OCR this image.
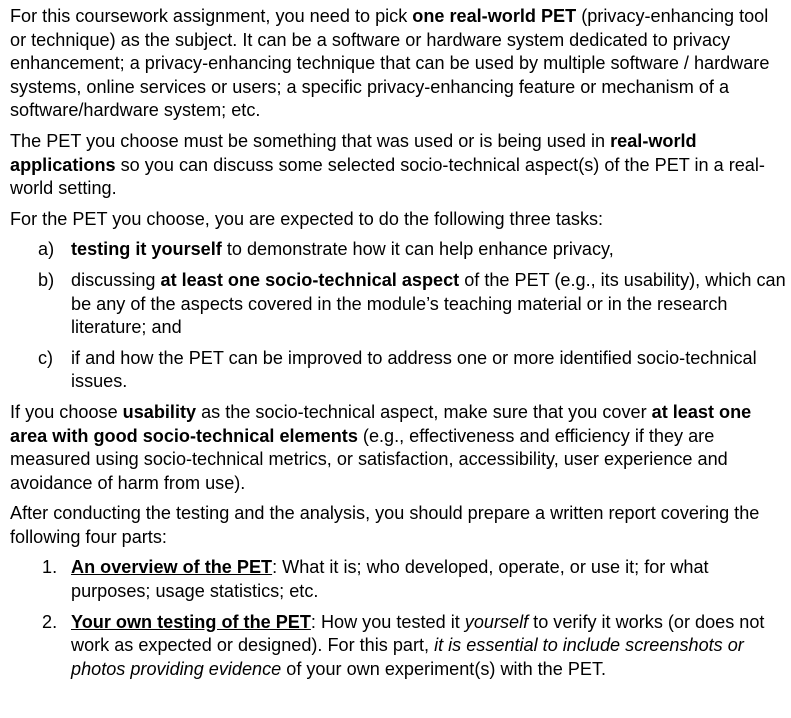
For this coursework assignment, you need to pick one real-world PET (privacy-enhancing tool or technique) as the subject. It can be a software or hardware system dedicated to privacy enhancement; a privacy-enhancing technique that can be used by multiple software / hardware systems, online services or users; a specific privacy-enhancing feature or mechanism of a software/hardware system; etc.

The PET you choose must be something that was used or is being used in real-world applications so you can discuss some selected socio-technical aspect(s) of the PET in a real-world setting.

For the PET you choose, you are expected to do the following three tasks:

a) testing it yourself to demonstrate how it can help enhance privacy,
b) discussing at least one socio-technical aspect of the PET (e.g., its usability), which can be any of the aspects covered in the module’s teaching material or in the research literature; and
c) if and how the PET can be improved to address one or more identified socio-technical issues.

If you choose usability as the socio-technical aspect, make sure that you cover at least one area with good socio-technical elements (e.g., effectiveness and efficiency if they are measured using socio-technical metrics, or satisfaction, accessibility, user experience and avoidance of harm from use).

After conducting the testing and the analysis, you should prepare a written report covering the following four parts:

1. An overview of the PET: What it is; who developed, operate, or use it; for what purposes; usage statistics; etc.
2. Your own testing of the PET: How you tested it yourself to verify it works (or does not work as expected or designed). For this part, it is essential to include screenshots or photos providing evidence of your own experiment(s) with the PET.
